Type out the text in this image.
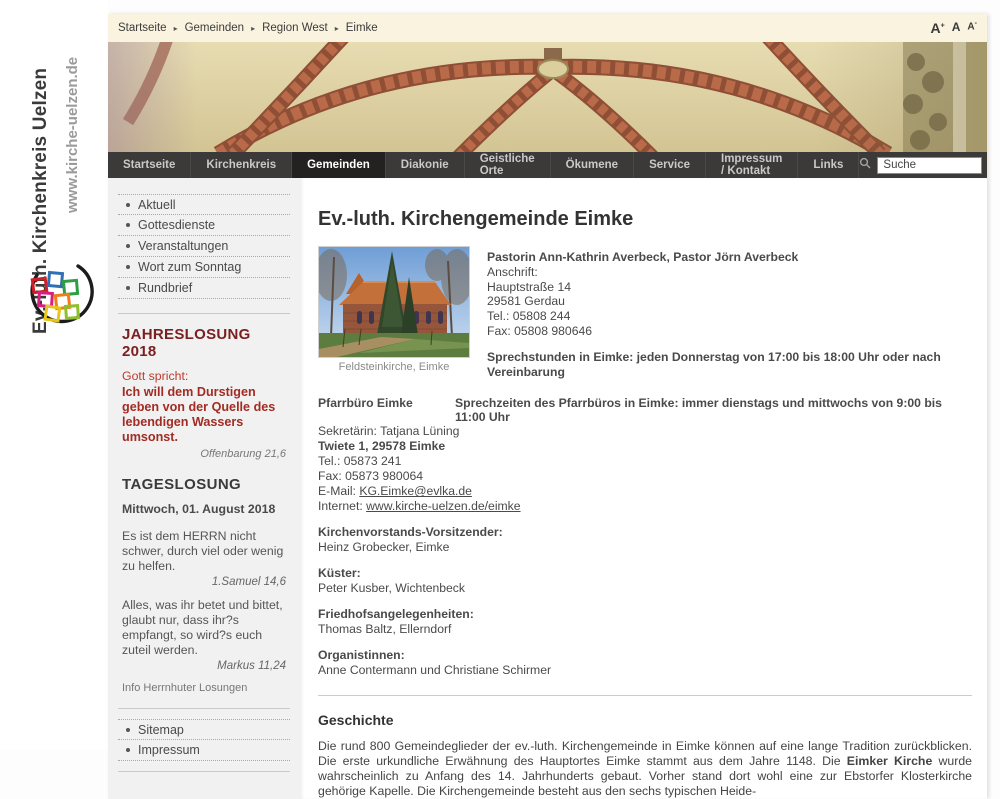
Ev.-luth. Kirchenkreis Uelzen www.kirche-uelzen.de
Startseite ▸ Gemeinden ▸ Region West ▸ Eimke	A+ A A-
Startseite	Kirchenkreis	Gemeinden	Diakonie	Geistliche Orte	Ökumene	Service	Impressum / Kontakt	Links
Suche
Aktuell
Gottesdienste
Veranstaltungen
Wort zum Sonntag
Rundbrief
JAHRESLOSUNG 2018
Gott spricht:
Ich will dem Durstigen geben von der Quelle des lebendigen Wassers umsonst.
Offenbarung 21,6
TAGESLOSUNG
Mittwoch, 01. August 2018
Es ist dem HERRN nicht schwer, durch viel oder wenig zu helfen.
1.Samuel 14,6
Alles, was ihr betet und bittet, glaubt nur, dass ihr?s empfangt, so wird?s euch zuteil werden.
Markus 11,24
Info Herrnhuter Losungen
Sitemap
Impressum
Ev.-luth. Kirchengemeinde Eimke
Feldsteinkirche, Eimke
Pastorin Ann-Kathrin Averbeck, Pastor Jörn Averbeck
Anschrift:
Hauptstraße 14
29581 Gerdau
Tel.: 05808 244
Fax: 05808 980646
Sprechstunden in Eimke: jeden Donnerstag von 17:00 bis 18:00 Uhr oder nach Vereinbarung
Pfarrbüro Eimke	Sprechzeiten des Pfarrbüros in Eimke: immer dienstags und mittwochs von 9:00 bis 11:00 Uhr
Sekretärin: Tatjana Lüning
Twiete 1, 29578 Eimke
Tel.: 05873 241
Fax: 05873 980064
E-Mail: KG.Eimke@evlka.de
Internet: www.kirche-uelzen.de/eimke
Kirchenvorstands-Vorsitzender:
Heinz Grobecker, Eimke
Küster:
Peter Kusber, Wichtenbeck
Friedhofsangelegenheiten:
Thomas Baltz, Ellerndorf
Organistinnen:
Anne Contermann und Christiane Schirmer
Geschichte

Die rund 800 Gemeindeglieder der ev.-luth. Kirchengemeinde in Eimke können auf eine lange Tradition zurückblicken. Die erste urkundliche Erwähnung des Hauptortes Eimke stammt aus dem Jahre 1148. Die Eimker Kirche wurde wahrscheinlich zu Anfang des 14. Jahrhunderts gebaut. Vorher stand dort wohl eine zur Ebstorfer Klosterkirche gehörige Kapelle. Die Kirchengemeinde besteht aus den sechs typischen Heide-
